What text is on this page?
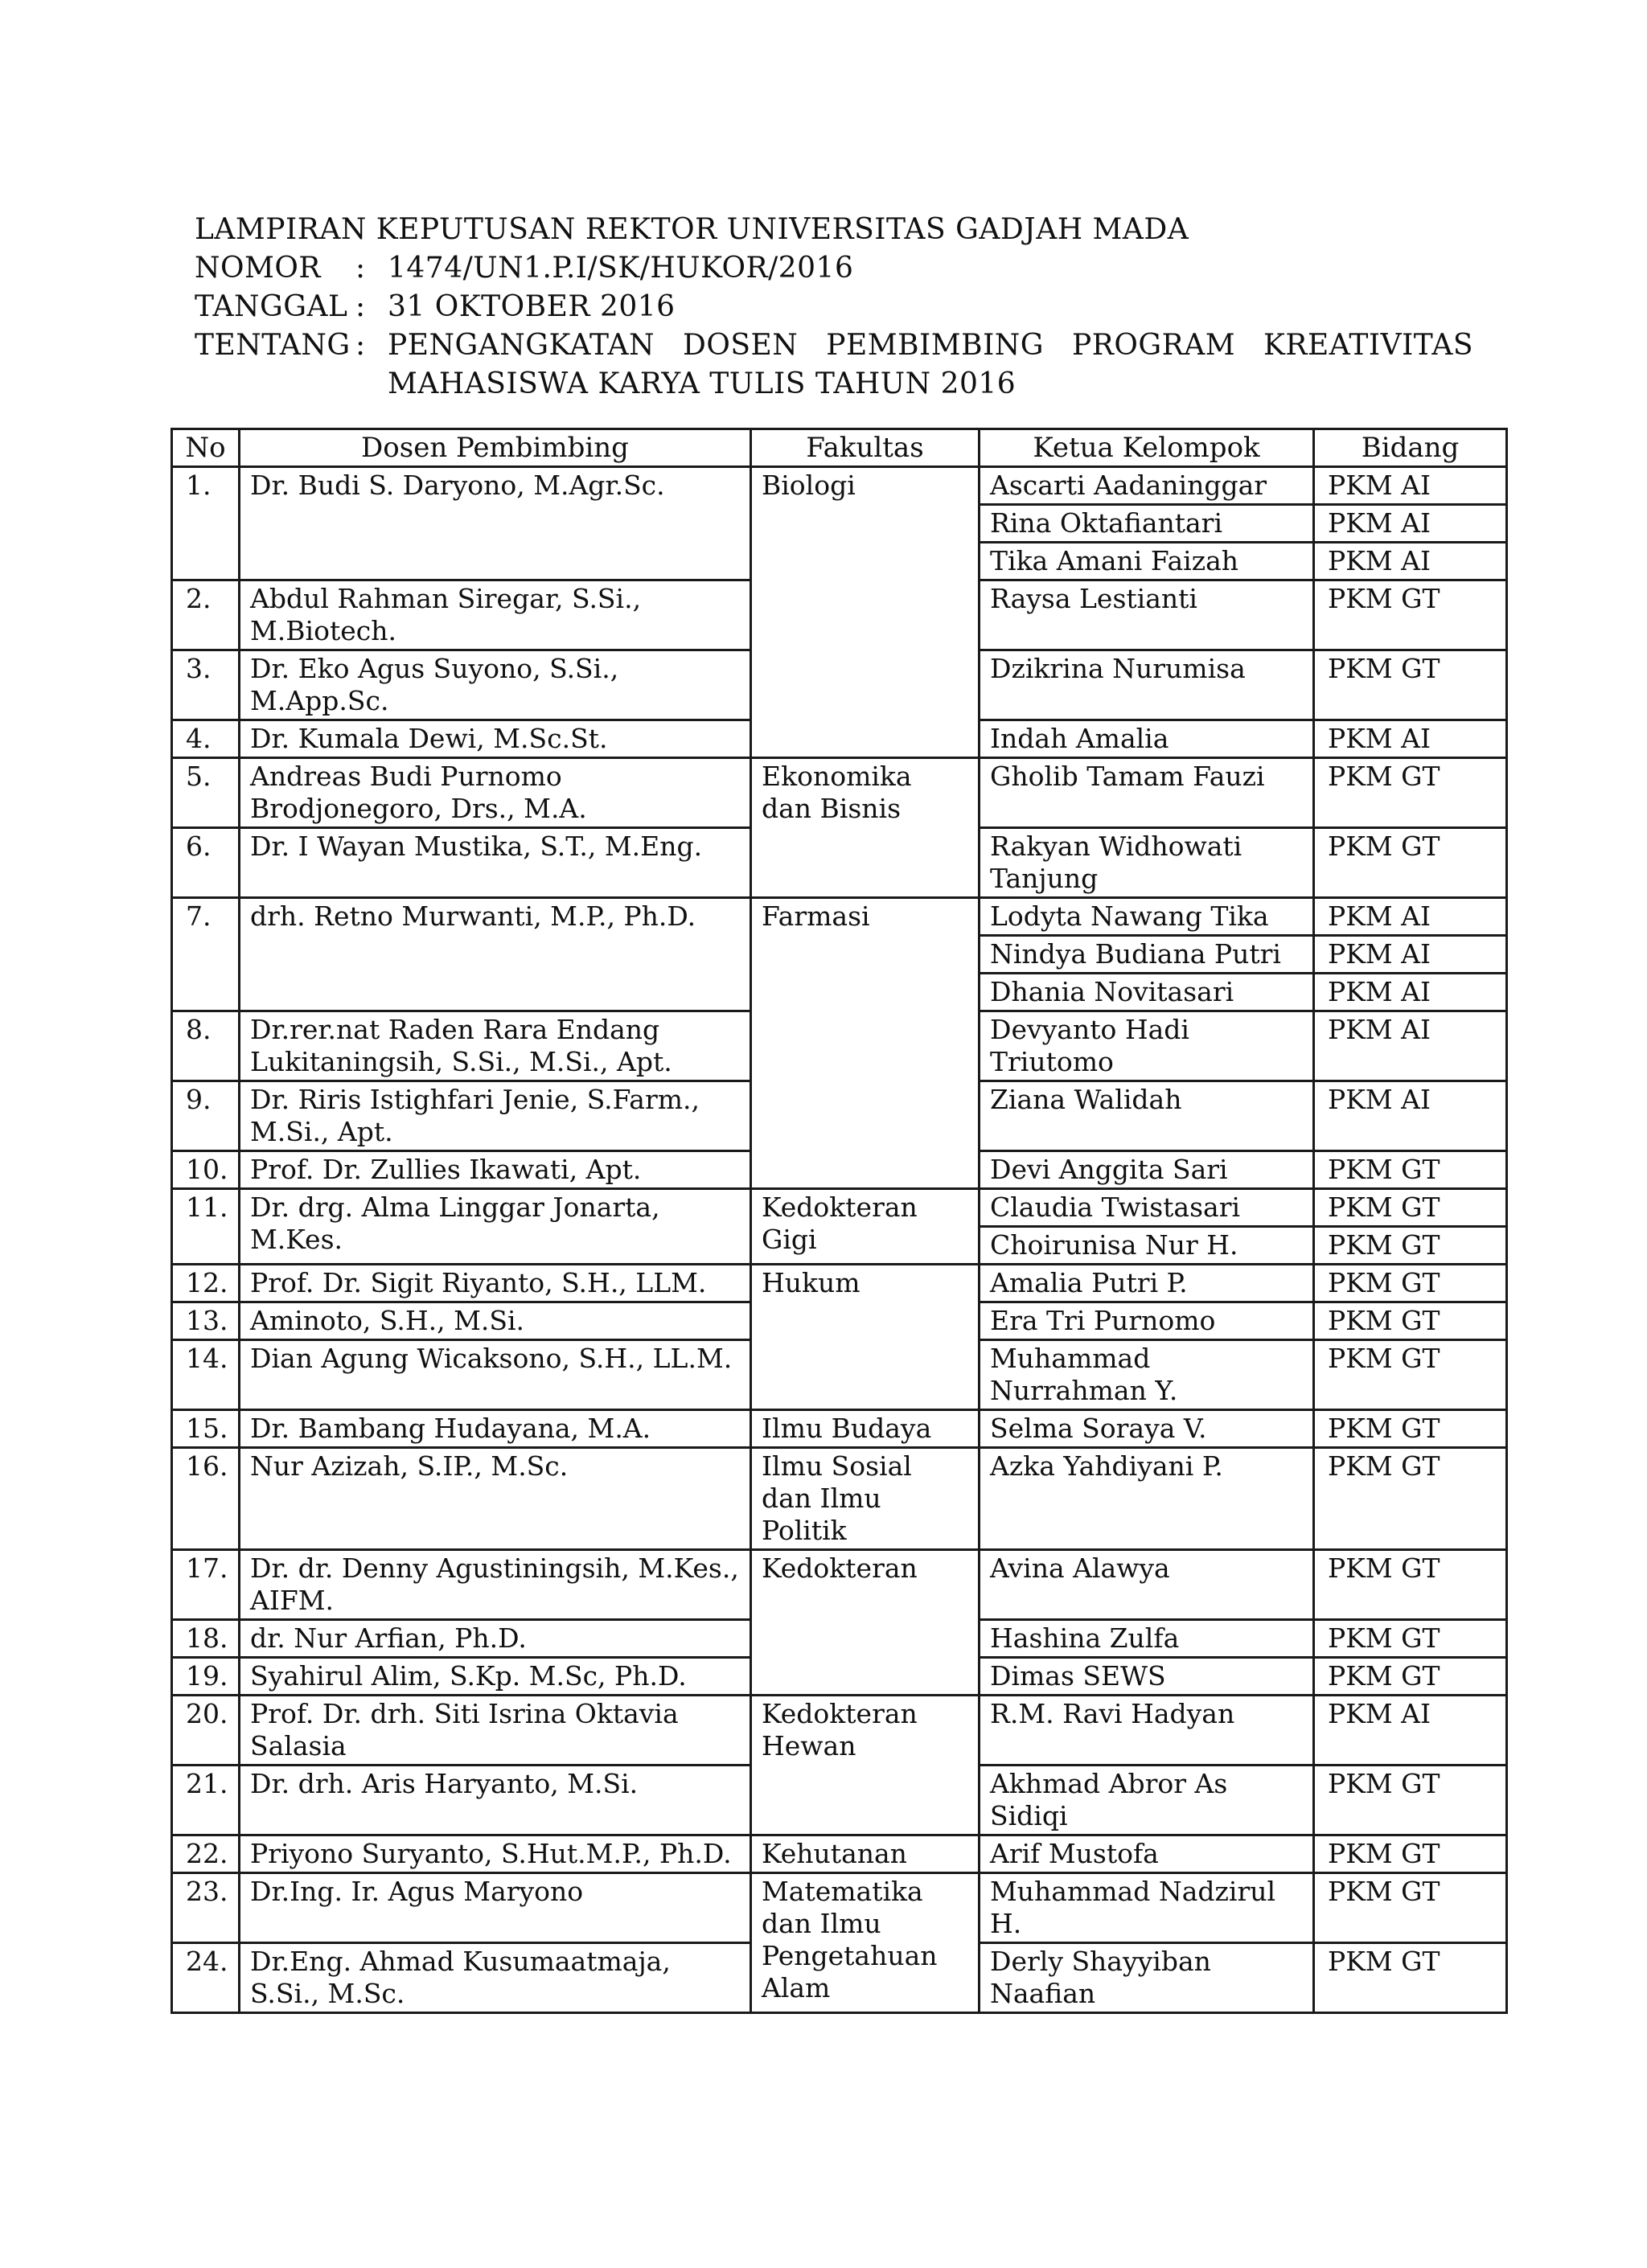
LAMPIRAN KEPUTUSAN REKTOR UNIVERSITAS GADJAH MADA
NOMOR	: 1474/UN1.P.I/SK/HUKOR/2016
TANGGAL : 31 OKTOBER 2016
TENTANG : PENGANGKATAN DOSEN PEMBIMBING PROGRAM KREATIVITAS
MAHASISWA KARYA TULIS TAHUN 2016
No	Dosen Pembimbing	Fakultas	Ketua Kelompok	Bidang
1.	Dr. Budi S. Daryono, M.Agr.Sc.	Biologi	Ascarti Aadaninggar	PKM AI
			Rina Oktafiantari	PKM AI
			Tika Amani Faizah	PKM AI
2.	Abdul Rahman Siregar, S.Si., M.Biotech.		Raysa Lestianti	PKM GT
3.	Dr. Eko Agus Suyono, S.Si., M.App.Sc.		Dzikrina Nurumisa	PKM GT
4.	Dr. Kumala Dewi, M.Sc.St.		Indah Amalia	PKM AI
5.	Andreas Budi Purnomo Brodjonegoro, Drs., M.A.	Ekonomika dan Bisnis	Gholib Tamam Fauzi	PKM GT
6.	Dr. I Wayan Mustika, S.T., M.Eng.		Rakyan Widhowati Tanjung	PKM GT
7.	drh. Retno Murwanti, M.P., Ph.D.	Farmasi	Lodyta Nawang Tika	PKM AI
			Nindya Budiana Putri	PKM AI
			Dhania Novitasari	PKM AI
8.	Dr.rer.nat Raden Rara Endang Lukitaningsih, S.Si., M.Si., Apt.		Devyanto Hadi Triutomo	PKM AI
9.	Dr. Riris Istighfari Jenie, S.Farm., M.Si., Apt.		Ziana Walidah	PKM AI
10.	Prof. Dr. Zullies Ikawati, Apt.		Devi Anggita Sari	PKM GT
11.	Dr. drg. Alma Linggar Jonarta, M.Kes.	Kedokteran Gigi	Claudia Twistasari	PKM GT
			Choirunisa Nur H.	PKM GT
12.	Prof. Dr. Sigit Riyanto, S.H., LLM.	Hukum	Amalia Putri P.	PKM GT
13.	Aminoto, S.H., M.Si.		Era Tri Purnomo	PKM GT
14.	Dian Agung Wicaksono, S.H., LL.M.		Muhammad Nurrahman Y.	PKM GT
15.	Dr. Bambang Hudayana, M.A.	Ilmu Budaya	Selma Soraya V.	PKM GT
16.	Nur Azizah, S.IP., M.Sc.	Ilmu Sosial dan Ilmu Politik	Azka Yahdiyani P.	PKM GT
17.	Dr. dr. Denny Agustiningsih, M.Kes., AIFM.	Kedokteran	Avina Alawya	PKM GT
18.	dr. Nur Arfian, Ph.D.		Hashina Zulfa	PKM GT
19.	Syahirul Alim, S.Kp. M.Sc, Ph.D.		Dimas SEWS	PKM GT
20.	Prof. Dr. drh. Siti Isrina Oktavia Salasia	Kedokteran Hewan	R.M. Ravi Hadyan	PKM AI
21.	Dr. drh. Aris Haryanto, M.Si.		Akhmad Abror As Sidiqi	PKM GT
22.	Priyono Suryanto, S.Hut.M.P., Ph.D.	Kehutanan	Arif Mustofa	PKM GT
23.	Dr.Ing. Ir. Agus Maryono	Matematika dan Ilmu Pengetahuan Alam	Muhammad Nadzirul H.	PKM GT
24.	Dr.Eng. Ahmad Kusumaatmaja, S.Si., M.Sc.		Derly Shayyiban Naafian	PKM GT
